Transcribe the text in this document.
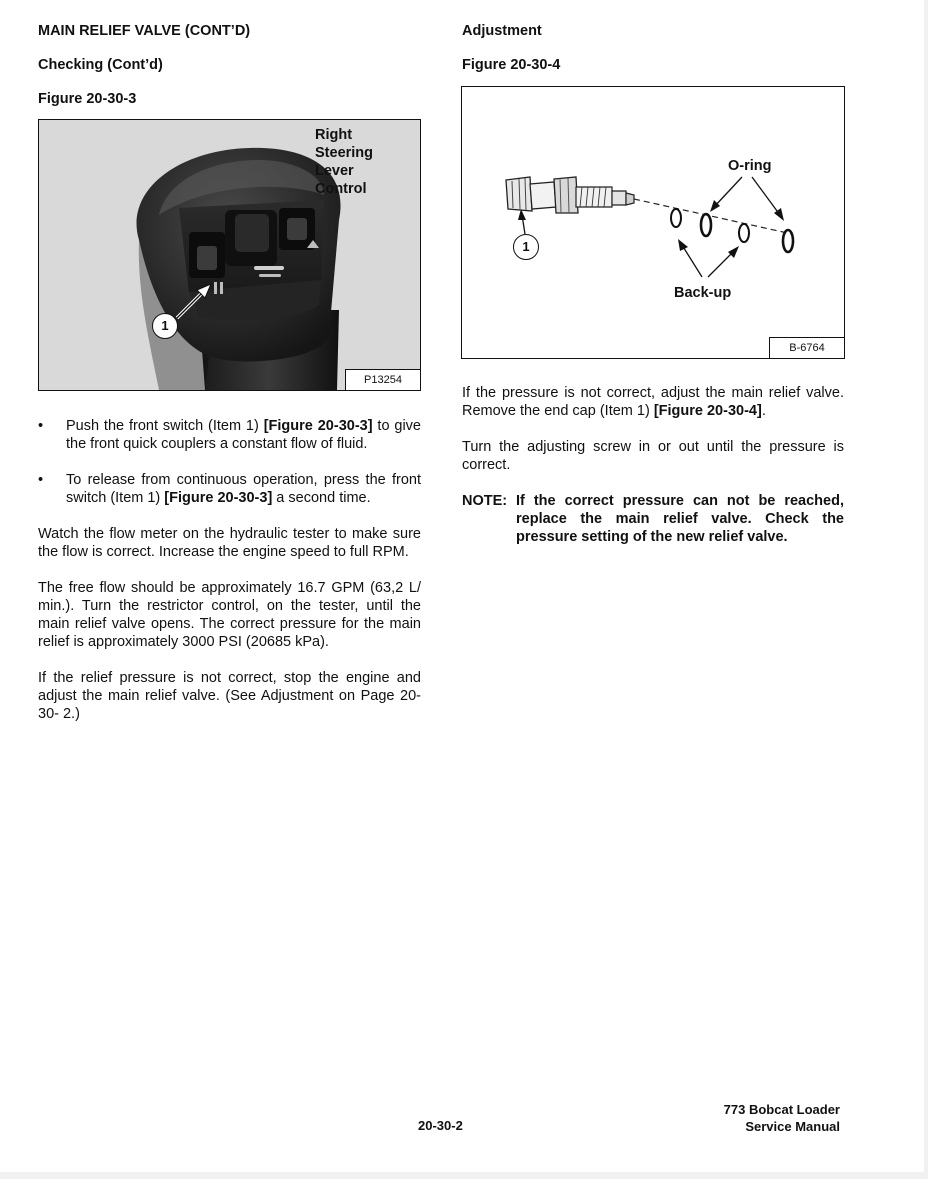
MAIN RELIEF VALVE (CONT’D)
Checking (Cont’d)
Figure 20-30-3
Right
Steering
Lever
Control
1
P13254
• Push the front switch (Item 1) [Figure 20-30-3] to give the front quick couplers a constant flow of fluid.
• To release from continuous operation, press the front switch (Item 1) [Figure 20-30-3] a second time.

Watch the flow meter on the hydraulic tester to make sure the flow is correct. Increase the engine speed to full RPM.

The free flow should be approximately 16.7 GPM (63,2 L/ min.). Turn the restrictor control, on the tester, until the main relief valve opens. The correct pressure for the main relief is approximately 3000 PSI (20685 kPa).

If the relief pressure is not correct, stop the engine and adjust the main relief valve. (See Adjustment on Page 20-30- 2.)

Adjustment
Figure 20-30-4
O-ring
Back-up
1
B-6764

If the pressure is not correct, adjust the main relief valve. Remove the end cap (Item 1) [Figure 20-30-4].

Turn the adjusting screw in or out until the pressure is correct.

NOTE: If the correct pressure can not be reached, replace the main relief valve. Check the pressure setting of the new relief valve.
20-30-2
773 Bobcat Loader
Service Manual
